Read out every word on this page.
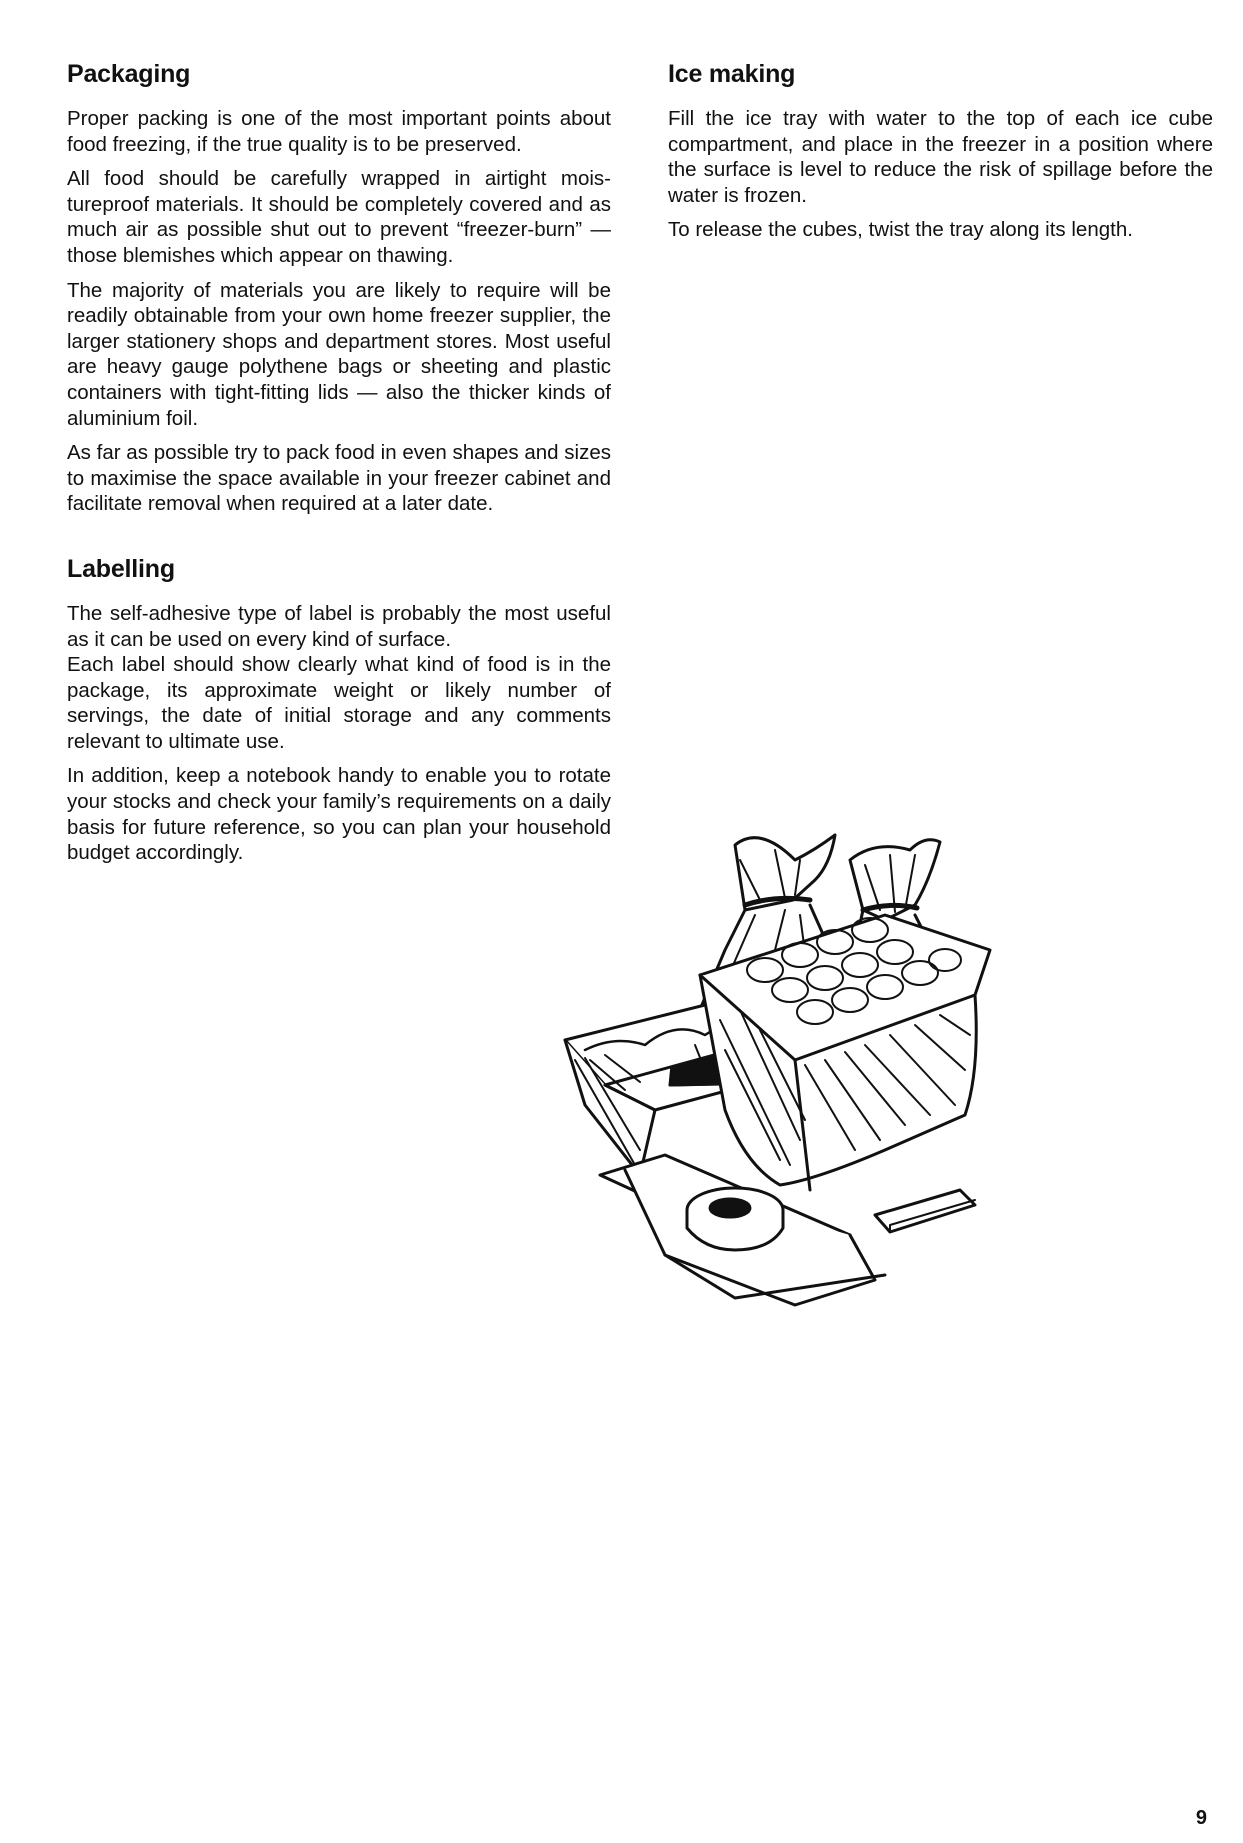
Packaging

Proper packing is one of the most important points about food freezing, if the true quality is to be preserved.

All food should be carefully wrapped in airtight moistureproof materials. It should be completely covered and as much air as possible shut out to prevent “freezer-burn” — those blemishes which appear on thawing.

The majority of materials you are likely to require will be readily obtainable from your own home freezer supplier, the larger stationery shops and department stores. Most useful are heavy gauge polythene bags or sheeting and plastic containers with tight-fitting lids — also the thicker kinds of aluminium foil.

As far as possible try to pack food in even shapes and sizes to maximise the space available in your freezer cabinet and facilitate removal when required at a later date.

Labelling

The self-adhesive type of label is probably the most useful as it can be used on every kind of surface.

Each label should show clearly what kind of food is in the package, its approximate weight or likely number of servings, the date of initial storage and any comments relevant to ultimate use.

In addition, keep a notebook handy to enable you to rotate your stocks and check your family’s requirements on a daily basis for future reference, so you can plan your household budget accordingly.

Ice making

Fill the ice tray with water to the top of each ice cube compartment, and place in the freezer in a position where the surface is level to reduce the risk of spillage before the water is frozen.

To release the cubes, twist the tray along its length.

9
